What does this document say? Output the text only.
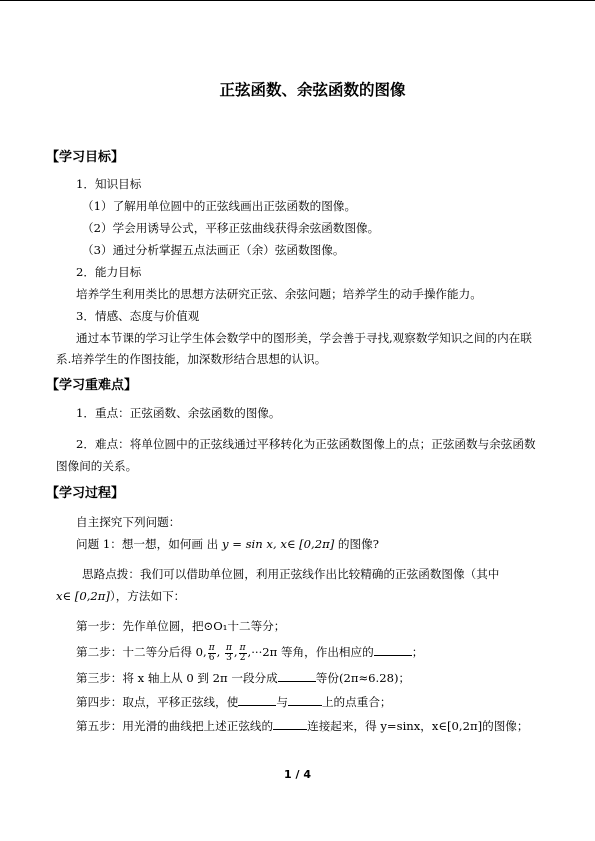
正弦函数、余弦函数的图像
【学习目标】
1．知识目标
（1）了解用单位圆中的正弦线画出正弦函数的图像。
（2）学会用诱导公式，平移正弦曲线获得余弦函数图像。
（3）通过分析掌握五点法画正（余）弦函数图像。
2．能力目标
培养学生利用类比的思想方法研究正弦、余弦问题；培养学生的动手操作能力。
3．情感、态度与价值观
通过本节课的学习让学生体会数学中的图形美，学会善于寻找,观察数学知识之间的内在联系.培养学生的作图技能，加深数形结合思想的认识。
【学习重难点】
1．重点：正弦函数、余弦函数的图像。
2．难点：将单位圆中的正弦线通过平移转化为正弦函数图像上的点；正弦函数与余弦函数图像间的关系。
【学习过程】
自主探究下列问题：
问题 1：想一想，如何画 出 y = sin x, x∈ [0,2π] 的图像?
思路点拨：我们可以借助单位圆，利用正弦线作出比较精确的正弦函数图像（其中
x∈ [0,2π]），方法如下：
第一步：先作单位圆，把⊙O₁十二等分；
第二步：十二等分后得 0, $\frac{\pi}{6}$ , $\frac{\pi}{3}$ , $\frac{\pi}{2} ,\cdot\cdot\cdot 2\pi$ 等角，作出相应的	；
第三步：将 x 轴上从 0 到 2π 一段分成	等份(2π≈6.28)；
第四步：取点，平移正弦线，使	与	上的点重合；
第五步：用光滑的曲线把上述正弦线的	连接起来，得 y=sinx，x∈[0,2π]的图像；
1 / 4
